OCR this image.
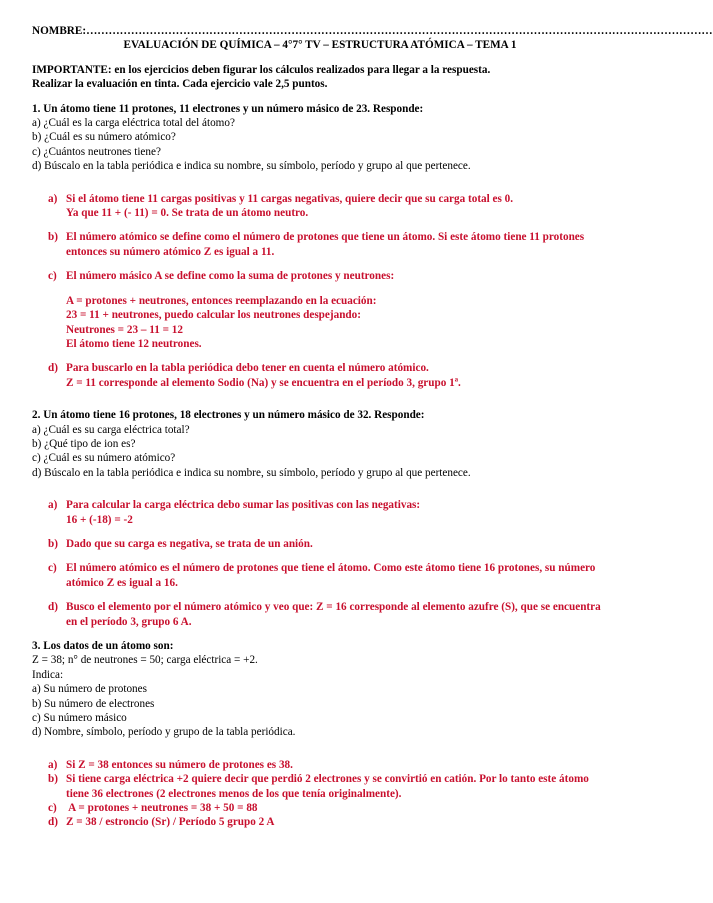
NOMBRE:……………………………………………………………………………………………………………………………………………………
EVALUACIÓN DE QUÍMICA – 4°7° TV – ESTRUCTURA ATÓMICA – TEMA 1
IMPORTANTE: en los ejercicios deben figurar los cálculos realizados para llegar a la respuesta.
Realizar la evaluación en tinta. Cada ejercicio vale 2,5 puntos.
1. Un átomo tiene 11 protones, 11 electrones y un número másico de 23. Responde:
a) ¿Cuál es la carga eléctrica total del átomo?
b) ¿Cuál es su número atómico?
c) ¿Cuántos neutrones tiene?
d) Búscalo en la tabla periódica e indica su nombre, su símbolo, período y grupo al que pertenece.
a) Si el átomo tiene 11 cargas positivas y 11 cargas negativas, quiere decir que su carga total es 0.
Ya que 11 + (- 11) = 0. Se trata de un átomo neutro.
b) El número atómico se define como el número de protones que tiene un átomo. Si este átomo tiene 11 protones entonces su número atómico Z es igual a 11.
c) El número másico A se define como la suma de protones y neutrones:
A = protones + neutrones, entonces reemplazando en la ecuación:
23 = 11 + neutrones, puedo calcular los neutrones despejando:
Neutrones = 23 – 11 = 12
El átomo tiene 12 neutrones.
d) Para buscarlo en la tabla periódica debo tener en cuenta el número atómico.
Z = 11 corresponde al elemento Sodio (Na) y se encuentra en el período 3, grupo 1ª.
2. Un átomo tiene 16 protones, 18 electrones y un número másico de 32. Responde:
a) ¿Cuál es su carga eléctrica total?
b) ¿Qué tipo de ion es?
c) ¿Cuál es su número atómico?
d) Búscalo en la tabla periódica e indica su nombre, su símbolo, período y grupo al que pertenece.
a) Para calcular la carga eléctrica debo sumar las positivas con las negativas:
16 + (-18) = -2
b) Dado que su carga es negativa, se trata de un anión.
c) El número atómico es el número de protones que tiene el átomo. Como este átomo tiene 16 protones, su número atómico Z es igual a 16.
d) Busco el elemento por el número atómico y veo que: Z = 16 corresponde al elemento azufre (S), que se encuentra en el período 3, grupo 6 A.
3. Los datos de un átomo son:
Z = 38; n° de neutrones = 50; carga eléctrica = +2.
Indica:
a) Su número de protones
b) Su número de electrones
c) Su número másico
d) Nombre, símbolo, período y grupo de la tabla periódica.
a) Si Z = 38 entonces su número de protones es 38.
b) Si tiene carga eléctrica +2 quiere decir que perdió 2 electrones y se convirtió en catión. Por lo tanto este átomo tiene 36 electrones (2 electrones menos de los que tenía originalmente).
c) A = protones + neutrones = 38 + 50 = 88
d) Z = 38 / estroncio (Sr) / Período 5 grupo 2 A
